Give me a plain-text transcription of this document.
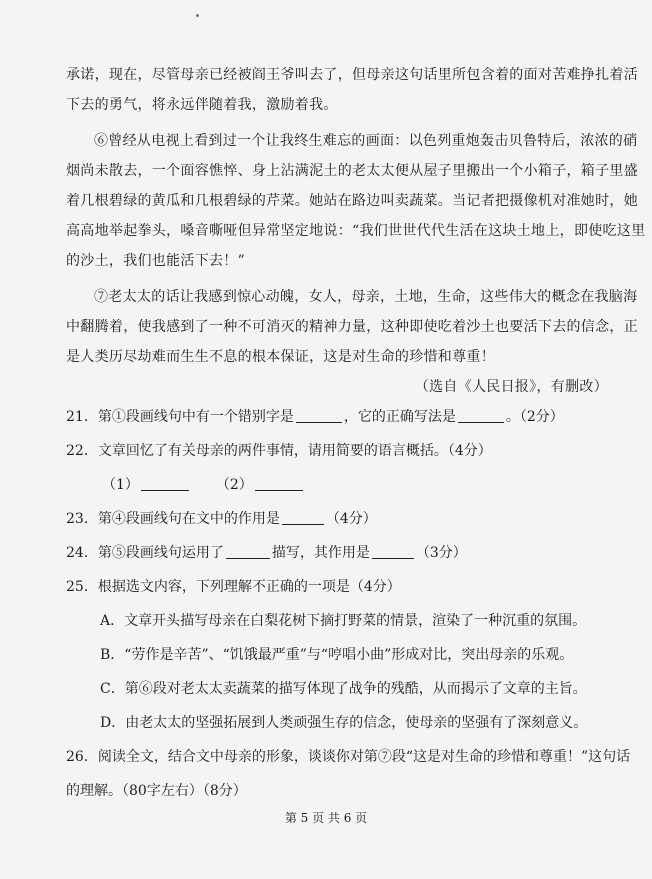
承诺，现在，尽管母亲已经被阎王爷叫去了，但母亲这句话里所包含着的面对苦难挣扎着活
下去的勇气，将永远伴随着我，激励着我。
⑥曾经从电视上看到过一个让我终生难忘的画面：以色列重炮轰击贝鲁特后，浓浓的硝
烟尚未散去，一个面容憔悴、身上沾满泥土的老太太便从屋子里搬出一个小箱子，箱子里盛
着几根碧绿的黄瓜和几根碧绿的芹菜。她站在路边叫卖蔬菜。当记者把摄像机对准她时，她
高高地举起拳头，嗓音嘶哑但异常坚定地说：“我们世世代代生活在这块土地上，即使吃这里
的沙土，我们也能活下去！”
⑦老太太的话让我感到惊心动魄，女人，母亲，土地，生命，这些伟大的概念在我脑海
中翻腾着，使我感到了一种不可消灭的精神力量，这种即使吃着沙土也要活下去的信念，正
是人类历尽劫难而生生不息的根本保证，这是对生命的珍惜和尊重！
（选自《人民日报》，有删改）
21．第①段画线句中有一个错别字是	，它的正确写法是	。（2分）
22．文章回忆了有关母亲的两件事情，请用简要的语言概括。（4分）
（1）	（2）
23．第④段画线句在文中的作用是	（4分）
24．第⑤段画线句运用了	描写，其作用是	（3分）
25．根据选文内容，下列理解不正确的一项是（4分）
A．文章开头描写母亲在白梨花树下摘打野菜的情景，渲染了一种沉重的氛围。
B．“劳作是辛苦”、“饥饿最严重”与“哼唱小曲”形成对比，突出母亲的乐观。
C．第⑥段对老太太卖蔬菜的描写体现了战争的残酷，从而揭示了文章的主旨。
D．由老太太的坚强拓展到人类顽强生存的信念，使母亲的坚强有了深刻意义。
26．阅读全文，结合文中母亲的形象，谈谈你对第⑦段“这是对生命的珍惜和尊重！”这句话
的理解。（80字左右）（8分）
第 5 页 共 6 页
